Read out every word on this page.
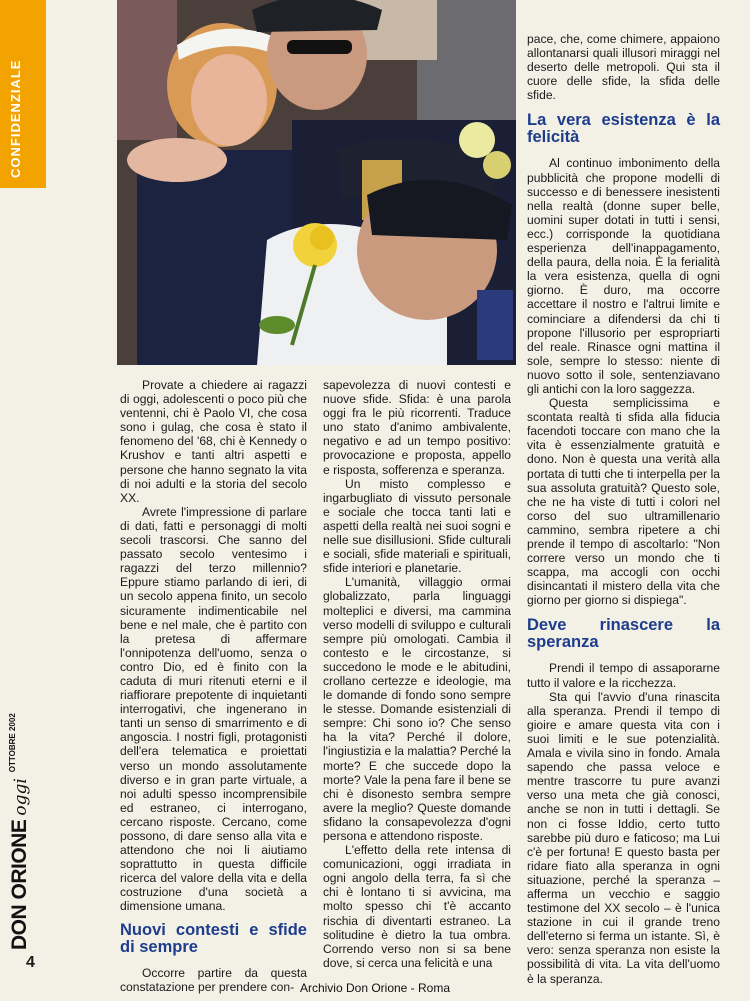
CONFIDENZIALE

Provate a chiedere ai ragazzi di oggi, adolescenti o poco più che ventenni, chi è Paolo VI, che cosa sono i gulag, che cosa è stato il fenomeno del '68, chi è Kennedy o Krushov e tanti altri aspetti e persone che hanno segnato la vita di noi adulti e la storia del secolo XX.

Avrete l'impressione di parlare di dati, fatti e personaggi di molti secoli trascorsi. Che sanno del passato secolo ventesimo i ragazzi del terzo millennio? Eppure stiamo parlando di ieri, di un secolo appena finito, un secolo sicuramente indimenticabile nel bene e nel male, che è partito con la pretesa di affermare l'onnipotenza dell'uomo, senza o contro Dio, ed è finito con la caduta di muri ritenuti eterni e il riaffiorare prepotente di inquietanti interrogativi, che ingenerano in tanti un senso di smarrimento e di angoscia. I nostri figli, protagonisti dell'era telematica e proiettati verso un mondo assolutamente diverso e in gran parte virtuale, a noi adulti spesso incomprensibile ed estraneo, ci interrogano, cercano risposte. Cercano, come possono, di dare senso alla vita e attendono che noi li aiutiamo soprattutto in questa difficile ricerca del valore della vita e della costruzione d'una società a dimensione umana.

Nuovi contesti e sfide di sempre

Occorre partire da questa constatazione per prendere con-

sapevolezza di nuovi contesti e nuove sfide. Sfida: è una parola oggi fra le più ricorrenti. Traduce uno stato d'animo ambivalente, negativo e ad un tempo positivo: provocazione e proposta, appello e risposta, sofferenza e speranza.

Un misto complesso e ingarbugliato di vissuto personale e sociale che tocca tanti lati e aspetti della realtà nei suoi sogni e nelle sue disillusioni. Sfide culturali e sociali, sfide materiali e spirituali, sfide interiori e planetarie.

L'umanità, villaggio ormai globalizzato, parla linguaggi molteplici e diversi, ma cammina verso modelli di sviluppo e culturali sempre più omologati. Cambia il contesto e le circostanze, si succedono le mode e le abitudini, crollano certezze e ideologie, ma le domande di fondo sono sempre le stesse. Domande esistenziali di sempre: Chi sono io? Che senso ha la vita? Perché il dolore, l'ingiustizia e la malattia? Perché la morte? E che succede dopo la morte? Vale la pena fare il bene se chi è disonesto sembra sempre avere la meglio? Queste domande sfidano la consapevolezza d'ogni persona e attendono risposte.

L'effetto della rete intensa di comunicazioni, oggi irradiata in ogni angolo della terra, fa sì che chi è lontano ti si avvicina, ma molto spesso chi t'è accanto rischia di diventarti estraneo. La solitudine è dietro la tua ombra. Correndo verso non si sa bene dove, si cerca una felicità e una

pace, che, come chimere, appaiono allontanarsi quali illusori miraggi nel deserto delle metropoli. Qui sta il cuore delle sfide, la sfida delle sfide.

La vera esistenza è la felicità

Al continuo imbonimento della pubblicità che propone modelli di successo e di benessere inesistenti nella realtà (donne super belle, uomini super dotati in tutti i sensi, ecc.) corrisponde la quotidiana esperienza dell'inappagamento, della paura, della noia. È la ferialità la vera esistenza, quella di ogni giorno. È duro, ma occorre accettare il nostro e l'altrui limite e cominciare a difendersi da chi ti propone l'illusorio per espropriarti del reale. Rinasce ogni mattina il sole, sempre lo stesso: niente di nuovo sotto il sole, sentenziavano gli antichi con la loro saggezza.

Questa semplicissima e scontata realtà ti sfida alla fiducia facendoti toccare con mano che la vita è essenzialmente gratuità e dono. Non è questa una verità alla portata di tutti che ti interpella per la sua assoluta gratuità? Questo sole, che ne ha viste di tutti i colori nel corso del suo ultramillenario cammino, sembra ripetere a chi prende il tempo di ascoltarlo: "Non correre verso un mondo che ti scappa, ma accogli con occhi disincantati il mistero della vita che giorno per giorno si dispiega".

Deve rinascere la speranza

Prendi il tempo di assaporarne tutto il valore e la ricchezza.

Sta qui l'avvio d'una rinascita alla speranza. Prendi il tempo di gioire e amare questa vita con i suoi limiti e le sue potenzialità. Amala e vivila sino in fondo. Amala sapendo che passa veloce e mentre trascorre tu pure avanzi verso una meta che già conosci, anche se non in tutti i dettagli. Se non ci fosse Iddio, certo tutto sarebbe più duro e faticoso; ma Lui c'è per fortuna! E questo basta per ridare fiato alla speranza in ogni situazione, perché la speranza – afferma un vecchio e saggio testimone del XX secolo – è l'unica stazione in cui il grande treno dell'eterno si ferma un istante. Sì, è vero: senza speranza non esiste la possibilità di vita. La vita dell'uomo è la speranza.

DON ORIONEoggi$^{OTTOBRE 2002}$
4
Archivio Don Orione - Roma
